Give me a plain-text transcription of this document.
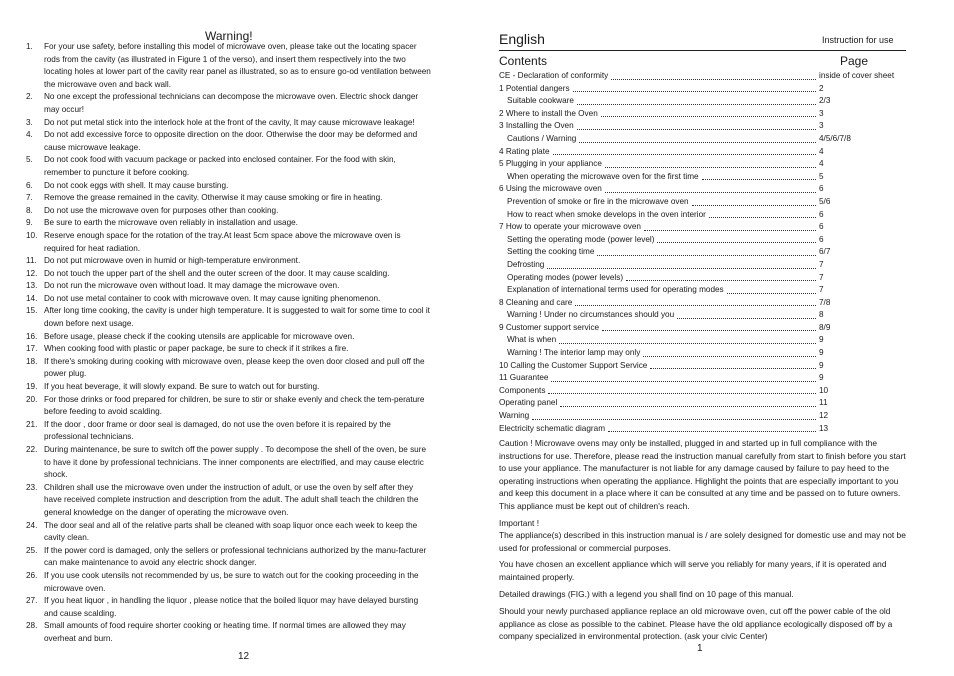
Warning!
1.	For your use safety, before installing this model of microwave oven, please take out the locating spacer rods from the cavity (as illustrated in Figure 1 of the verso), and insert them respectively into the two locating holes at lower part of the cavity rear panel as illustrated, so as to ensure go-od ventilation between the microwave oven and back wall.
2.	No one except the professional technicians can decompose the microwave oven. Electric shock danger may occur!
3.	Do not put metal stick into the interlock hole at the front of the cavity, It may cause microwave leakage!
4.	Do not add excessive force to opposite direction on the door. Otherwise the door may be deformed and cause microwave leakage.
5.	Do not cook food with vacuum package or packed into enclosed container. For the food with skin, remember to puncture it before cooking.
6.	Do not cook eggs with shell. It may cause bursting.
7.	Remove the grease remained in the cavity. Otherwise it may cause smoking or fire in heating.
8.	Do not use the microwave oven for purposes other than cooking.
9.	Be sure to earth the microwave oven reliably in installation and usage.
10. Reserve enough space for the rotation of the tray.At least 5cm space above the microwave oven is required for heat radiation.
11. Do not put microwave oven in humid or high-temperature environment.
12. Do not touch the upper part of the shell and the outer screen of the door. It may cause scalding.
13. Do not run the microwave oven without load. It may damage the microwave oven.
14. Do not use metal container to cook with microwave oven. It may cause igniting phenomenon.
15. After long time cooking, the cavity is under high temperature. It is suggested to wait for some time to cool it down before next usage.
16. Before usage, please check if the cooking utensils are applicable for microwave oven.
17. When cooking food with plastic or paper package, be sure to check if it strikes a fire.
18. If there's smoking during cooking with microwave oven, please keep the oven door closed and pull off the power plug.
19. If you heat beverage, it will slowly expand. Be sure to watch out for bursting.
20. For those drinks or food prepared for children, be sure to stir or shake evenly and check the tem-perature before feeding to avoid scalding.
21. If the door , door frame or door seal is damaged, do not use the oven before it is repaired by the professional technicians.
22. During maintenance, be sure to switch off the power supply . To decompose the shell of the oven, be sure to have it done by professional technicians. The inner components are electrified, and may cause electric shock.
23. Children shall use the microwave oven under the instruction of adult, or use the oven by self after they have received complete instruction and description from the adult. The adult shall teach the children the general knowledge on the danger of operating the microwave oven.
24. The door seal and all of the relative parts shall be cleaned with soap liquor once each week to keep the cavity clean.
25. If the power cord is damaged, only the sellers or professional technicians authorized by the manu-facturer can make maintenance to avoid any electric shock danger.
26. If you use cook utensils not recommended by us, be sure to watch out for the cooking proceeding in the microwave oven.
27. If you heat liquor , in handling the liquor , please notice that the boiled liquor may have delayed bursting and cause scalding.
28. Small amounts of food require shorter cooking or heating time. If normal times are allowed they may overheat and burn.
12
English	Instruction for use
Contents	Page
CE - Declaration of conformity	inside of cover sheet
1 Potential dangers	2
Suitable cookware	2/3
2 Where to install the Oven	3
3 Installing the Oven	3
Cautions / Warning	4/5/6/7/8
4 Rating plate	4
5 Plugging in your appliance	4
When operating the microwave oven for the first time	5
6 Using the microwave oven	6
Prevention of smoke or fire in the microwave oven	5/6
How to react when smoke develops in the oven interior	6
7 How to operate your microwave oven	6
Setting the operating mode (power level)	6
Setting the cooking time	6/7
Defrosting	7
Operating modes (power levels)	7
Explanation of international terms used for operating modes	7
8 Cleaning and care	7/8
Warning ! Under no circumstances should you	8
9 Customer support service	8/9
What is when	9
Warning ! The interior lamp may only	9
10 Calling the Customer Support Service	9
11 Guarantee	9
Components	10
Operating panel	11
Warning	12
Electricity schematic diagram	13
Caution ! Microwave ovens may only be installed, plugged in and started up in full compliance with the instructions for use. Therefore, please read the instruction manual carefully from start to finish before you start to use your appliance. The manufacturer is not liable for any damage caused by failure to pay heed to the operating instructions when operating the appliance. Highlight the points that are especially important to you and keep this document in a place where it can be consulted at any time and be passed on to future owners. This appliance must be kept out of children's reach.
Important !
The appliance(s) described in this instruction manual is / are solely designed for domestic use and may not be used for professional or commercial purposes.
You have chosen an excellent appliance which will serve you reliably for many years, if it is operated and maintained properly.
Detailed drawings (FIG.) with a legend you shall find on 10 page of this manual.
Should your newly purchased appliance replace an old microwave oven, cut off the power cable of the old appliance as close as possible to the cabinet. Please have the old appliance ecologically disposed off by a company specialized in environmental protection. (ask your civic Center)
1
